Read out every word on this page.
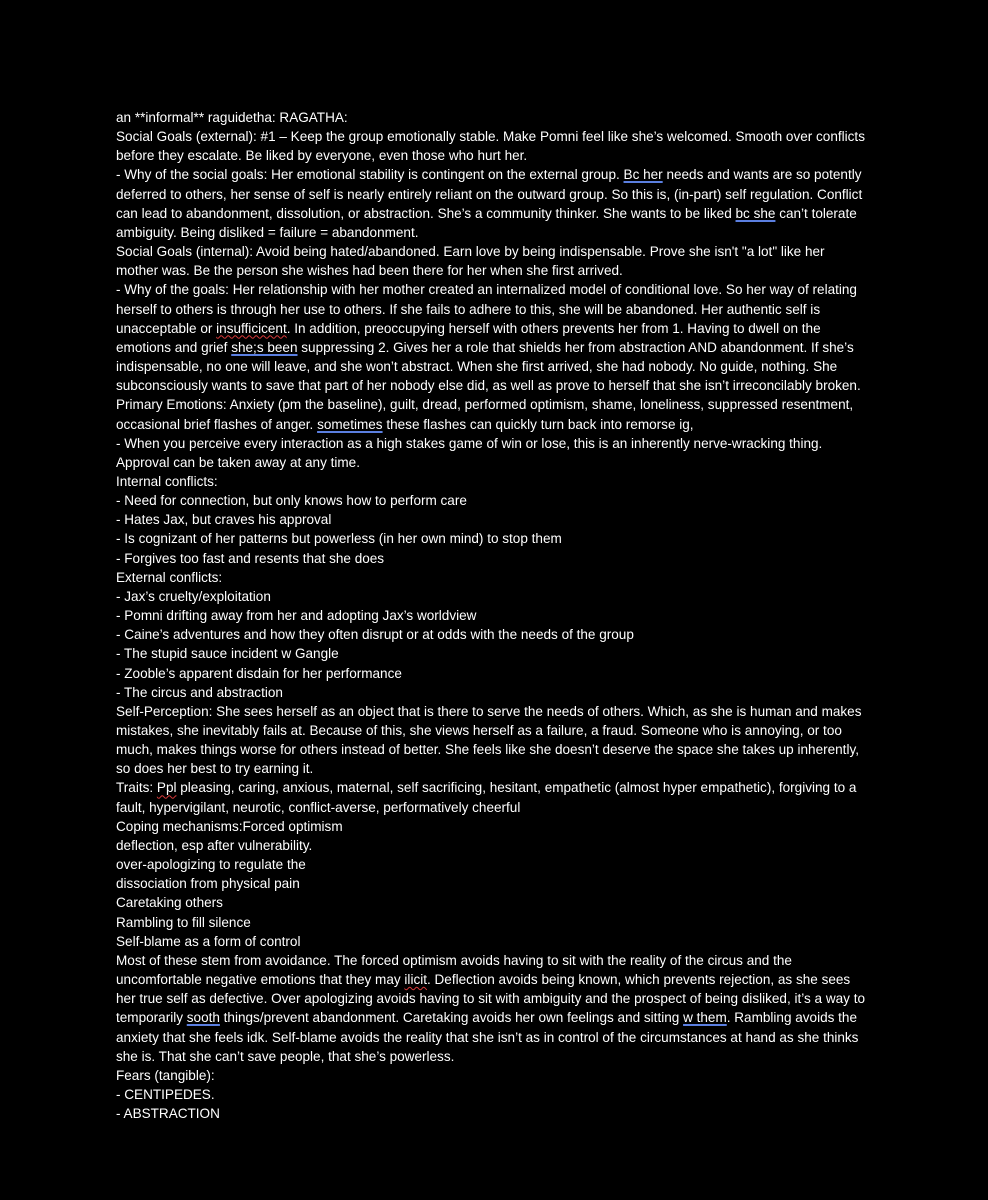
an **informal** raguidetha: RAGATHA:

Social Goals (external): #1 – Keep the group emotionally stable. Make Pomni feel like she’s welcomed. Smooth over conflicts before they escalate. Be liked by everyone, even those who hurt her.

- Why of the social goals: Her emotional stability is contingent on the external group. Bc her needs and wants are so potently deferred to others, her sense of self is nearly entirely reliant on the outward group. So this is, (in-part) self regulation. Conflict can lead to abandonment, dissolution, or abstraction. She’s a community thinker. She wants to be liked bc she can’t tolerate ambiguity. Being disliked = failure = abandonment.

Social Goals (internal): Avoid being hated/abandoned. Earn love by being indispensable. Prove she isn't "a lot" like her mother was. Be the person she wishes had been there for her when she first arrived.

- Why of the goals: Her relationship with her mother created an internalized model of conditional love. So her way of relating herself to others is through her use to others. If she fails to adhere to this, she will be abandoned. Her authentic self is unacceptable or insufficicent. In addition, preoccupying herself with others prevents her from 1. Having to dwell on the emotions and grief she;s been suppressing 2. Gives her a role that shields her from abstraction AND abandonment. If she’s indispensable, no one will leave, and she won’t abstract. When she first arrived, she had nobody. No guide, nothing. She subconsciously wants to save that part of her nobody else did, as well as prove to herself that she isn’t irreconcilably broken.

Primary Emotions: Anxiety (pm the baseline), guilt, dread, performed optimism, shame, loneliness, suppressed resentment, occasional brief flashes of anger. sometimes these flashes can quickly turn back into remorse ig,

- When you perceive every interaction as a high stakes game of win or lose, this is an inherently nerve-wracking thing. Approval can be taken away at any time.

Internal conflicts:

- Need for connection, but only knows how to perform care

- Hates Jax, but craves his approval

- Is cognizant of her patterns but powerless (in her own mind) to stop them

- Forgives too fast and resents that she does

External conflicts:

- Jax’s cruelty/exploitation

- Pomni drifting away from her and adopting Jax’s worldview

- Caine’s adventures and how they often disrupt or at odds with the needs of the group

- The stupid sauce incident w Gangle

- Zooble’s apparent disdain for her performance

- The circus and abstraction

Self-Perception: She sees herself as an object that is there to serve the needs of others. Which, as she is human and makes mistakes, she inevitably fails at. Because of this, she views herself as a failure, a fraud. Someone who is annoying, or too much, makes things worse for others instead of better. She feels like she doesn’t deserve the space she takes up inherently, so does her best to try earning it.

Traits: Ppl pleasing, caring, anxious, maternal, self sacrificing, hesitant, empathetic (almost hyper empathetic), forgiving to a fault, hypervigilant, neurotic, conflict-averse, performatively cheerful

Coping mechanisms:Forced optimism

deflection, esp after vulnerability.

over-apologizing to regulate the

dissociation from physical pain

Caretaking others

Rambling to fill silence

Self-blame as a form of control

Most of these stem from avoidance. The forced optimism avoids having to sit with the reality of the circus and the uncomfortable negative emotions that they may ilicit. Deflection avoids being known, which prevents rejection, as she sees her true self as defective. Over apologizing avoids having to sit with ambiguity and the prospect of being disliked, it’s a way to temporarily sooth things/prevent abandonment. Caretaking avoids her own feelings and sitting w them. Rambling avoids the anxiety that she feels idk. Self-blame avoids the reality that she isn’t as in control of the circumstances at hand as she thinks she is. That she can’t save people, that she’s powerless.

Fears (tangible):

- CENTIPEDES.

- ABSTRACTION
